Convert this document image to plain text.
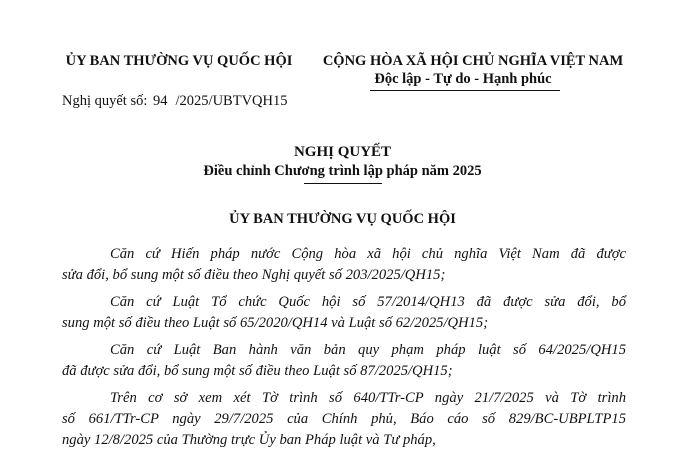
ỦY BAN THƯỜNG VỤ QUỐC HỘI	CỘNG HÒA XÃ HỘI CHỦ NGHĨA VIỆT NAM
Độc lập - Tự do - Hạnh phúc
Nghị quyết số: 94 /2025/UBTVQH15
NGHỊ QUYẾT
Điều chỉnh Chương trình lập pháp năm 2025
ỦY BAN THƯỜNG VỤ QUỐC HỘI

Căn cứ Hiến pháp nước Cộng hòa xã hội chủ nghĩa Việt Nam đã được
sửa đổi, bổ sung một số điều theo Nghị quyết số 203/2025/QH15;

Căn cứ Luật Tổ chức Quốc hội số 57/2014/QH13 đã được sửa đổi, bổ
sung một số điều theo Luật số 65/2020/QH14 và Luật số 62/2025/QH15;

Căn cứ Luật Ban hành văn bản quy phạm pháp luật số 64/2025/QH15
đã được sửa đổi, bổ sung một số điều theo Luật số 87/2025/QH15;

Trên cơ sở xem xét Tờ trình số 640/TTr-CP ngày 21/7/2025 và Tờ trình
số 661/TTr-CP ngày 29/7/2025 của Chính phủ, Báo cáo số 829/BC-UBPLTP15
ngày 12/8/2025 của Thường trực Ủy ban Pháp luật và Tư pháp,
